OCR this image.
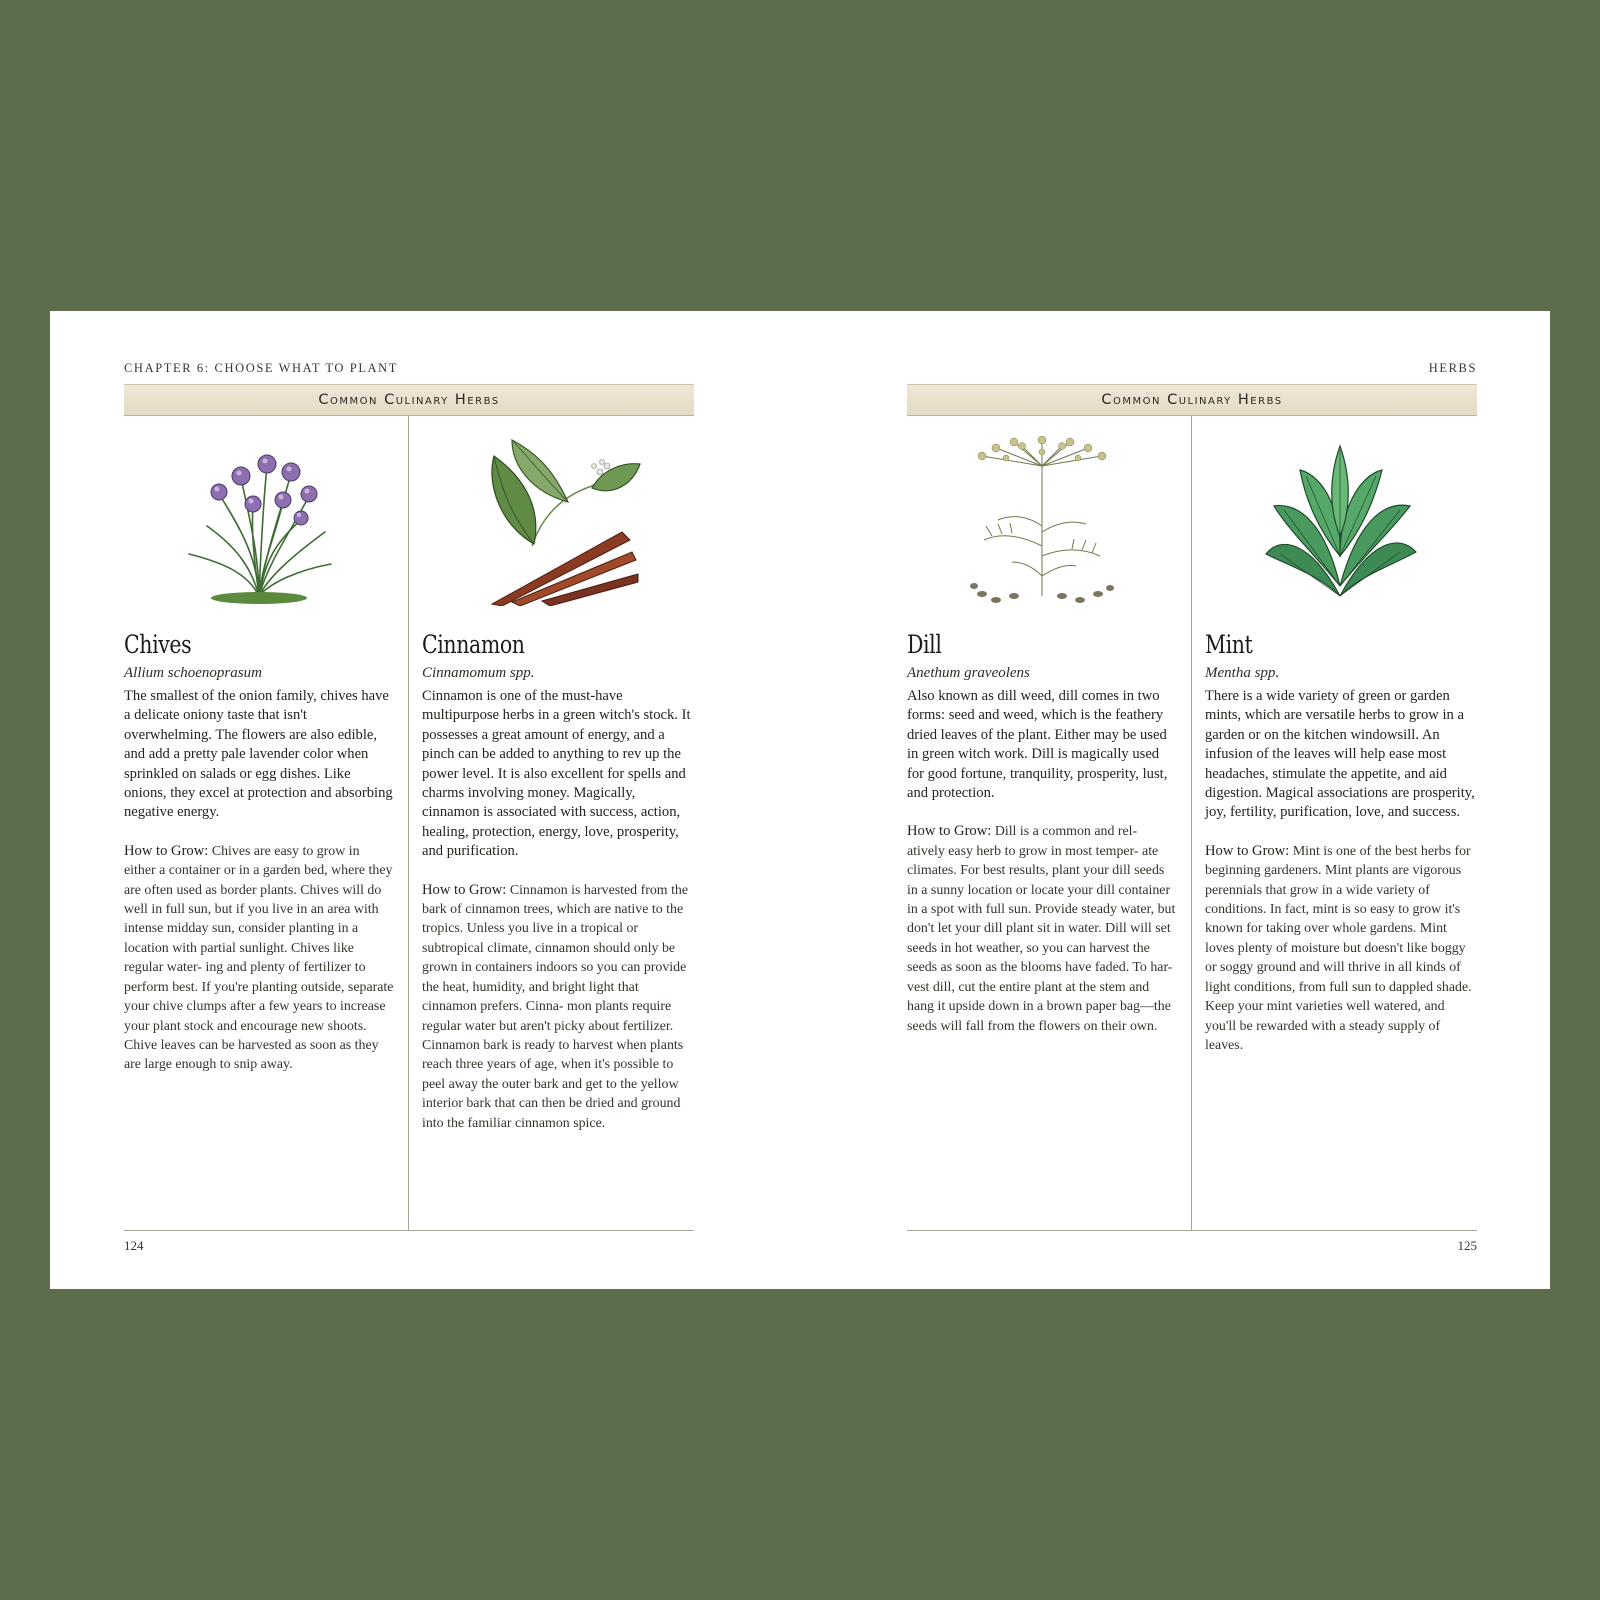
CHAPTER 6: CHOOSE WHAT TO PLANT
Common Culinary Herbs
Chives
Allium schoenoprasum
The smallest of the onion family, chives have a delicate oniony taste that isn't overwhelming. The flowers are also edible, and add a pretty pale lavender color when sprinkled on salads or egg dishes. Like onions, they excel at protection and absorbing negative energy.
How to Grow: Chives are easy to grow in either a container or in a garden bed, where they are often used as border plants. Chives will do well in full sun, but if you live in an area with intense midday sun, consider planting in a location with partial sunlight. Chives like regular water- ing and plenty of fertilizer to perform best. If you're planting outside, separate your chive clumps after a few years to increase your plant stock and encourage new shoots. Chive leaves can be harvested as soon as they are large enough to snip away.
Cinnamon
Cinnamomum spp.
Cinnamon is one of the must-have multipurpose herbs in a green witch's stock. It possesses a great amount of energy, and a pinch can be added to anything to rev up the power level. It is also excellent for spells and charms involving money. Magically, cinnamon is associated with success, action, healing, protection, energy, love, prosperity, and purification.
How to Grow: Cinnamon is harvested from the bark of cinnamon trees, which are native to the tropics. Unless you live in a tropical or subtropical climate, cinnamon should only be grown in containers indoors so you can provide the heat, humidity, and bright light that cinnamon prefers. Cinna- mon plants require regular water but aren't picky about fertilizer. Cinnamon bark is ready to harvest when plants reach three years of age, when it's possible to peel away the outer bark and get to the yellow interior bark that can then be dried and ground into the familiar cinnamon spice.
124
HERBS
Common Culinary Herbs
Dill
Anethum graveolens
Also known as dill weed, dill comes in two forms: seed and weed, which is the feathery dried leaves of the plant. Either may be used in green witch work. Dill is magically used for good fortune, tranquility, prosperity, lust, and protection.
How to Grow: Dill is a common and rel- atively easy herb to grow in most temper- ate climates. For best results, plant your dill seeds in a sunny location or locate your dill container in a spot with full sun. Provide steady water, but don't let your dill plant sit in water. Dill will set seeds in hot weather, so you can harvest the seeds as soon as the blooms have faded. To har- vest dill, cut the entire plant at the stem and hang it upside down in a brown paper bag—the seeds will fall from the flowers on their own.
Mint
Mentha spp.
There is a wide variety of green or garden mints, which are versatile herbs to grow in a garden or on the kitchen windowsill. An infusion of the leaves will help ease most headaches, stimulate the appetite, and aid digestion. Magical associations are prosperity, joy, fertility, purification, love, and success.
How to Grow: Mint is one of the best herbs for beginning gardeners. Mint plants are vigorous perennials that grow in a wide variety of conditions. In fact, mint is so easy to grow it's known for taking over whole gardens. Mint loves plenty of moisture but doesn't like boggy or soggy ground and will thrive in all kinds of light conditions, from full sun to dappled shade. Keep your mint varieties well watered, and you'll be rewarded with a steady supply of leaves.
125
